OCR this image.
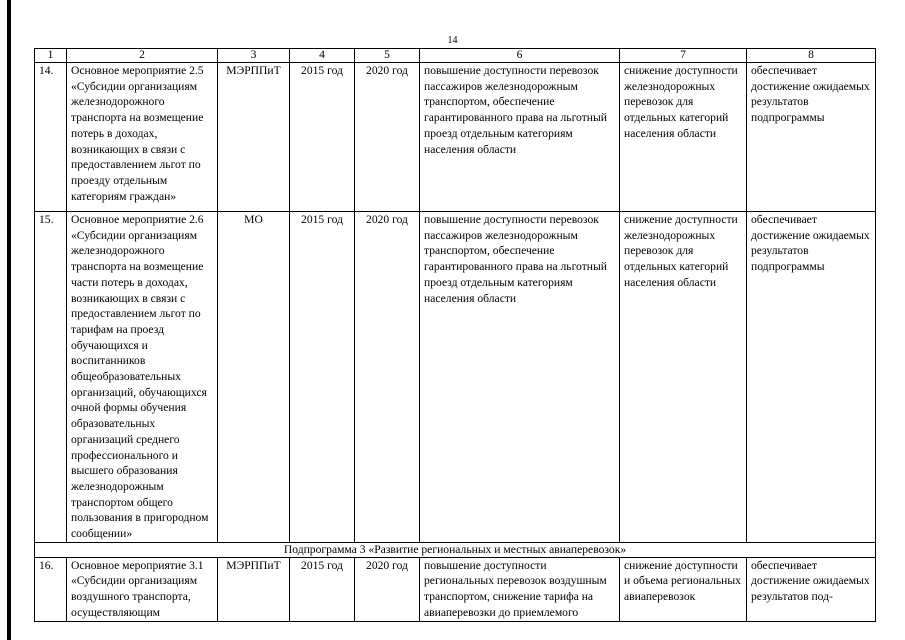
14
1	2	3	4	5	6	7	8
14.	Основное мероприятие 2.5 «Субсидии организациям железнодорожного транспорта на возмещение потерь в доходах, возникающих в связи с предоставлением льгот по проезду отдельным категориям граждан»	МЭРППиТ	2015 год	2020 год	повышение доступности перевозок пассажиров железнодорожным транспортом, обеспечение гарантированного права на льготный проезд отдельным категориям населения области	снижение доступности железнодорожных перевозок для отдельных категорий населения области	обеспечивает достижение ожидаемых результатов подпрограммы
15.	Основное мероприятие 2.6 «Субсидии организациям железнодорожного транспорта на возмещение части потерь в доходах, возникающих в связи с предоставлением льгот по тарифам на проезд обучающихся и воспитанников общеобразовательных организаций, обучающихся очной формы обучения образовательных организаций среднего профессионального и высшего образования железнодорожным транспортом общего пользования в пригородном сообщении»	МО	2015 год	2020 год	повышение доступности перевозок пассажиров железнодорожным транспортом, обеспечение гарантированного права на льготный проезд отдельным категориям населения области	снижение доступности железнодорожных перевозок для отдельных категорий населения области	обеспечивает достижение ожидаемых результатов подпрограммы
Подпрограмма 3 «Развитие региональных и местных авиаперевозок»							
16.	Основное мероприятие 3.1 «Субсидии организациям воздушного транспорта, осуществляющим	МЭРППиТ	2015 год	2020 год	повышение доступности региональных перевозок воздушным транспортом, снижение тарифа на авиаперевозки до приемлемого	снижение доступности и объема региональных авиаперевозок	обеспечивает достижение ожидаемых результатов под-
